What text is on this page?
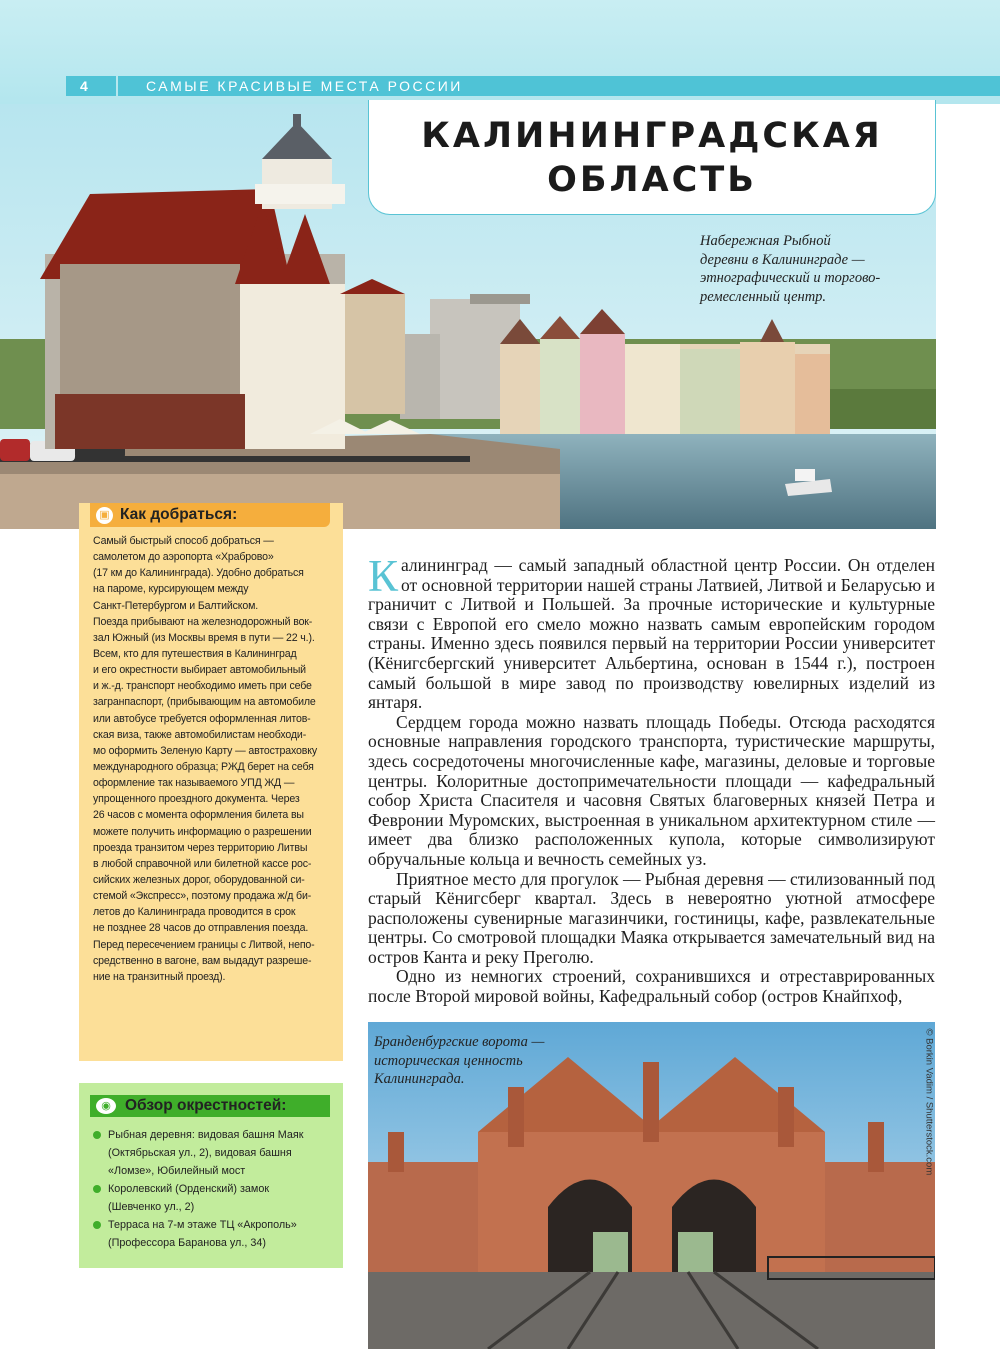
4	САМЫЕ КРАСИВЫЕ МЕСТА РОССИИ
КАЛИНИНГРАДСКАЯ
ОБЛАСТЬ
Набережная Рыбной
деревни в Калининграде —
этнографический и торгово-
ремесленный центр.
▣ Как добраться:
Самый быстрый способ добраться —
самолетом до аэропорта «Храброво»
(17 км до Калининграда). Удобно добраться
на пароме, курсирующем между
Санкт-Петербургом и Балтийском.
Поезда прибывают на железнодорожный вок-
зал Южный (из Москвы время в пути — 22 ч.).
Всем, кто для путешествия в Калининград
и его окрестности выбирает автомобильный
и ж.-д. транспорт необходимо иметь при себе
загранпаспорт, (прибывающим на автомобиле
или автобусе требуется оформленная литов-
ская виза, также автомобилистам необходи-
мо оформить Зеленую Карту — автостраховку
международного образца; РЖД берет на себя
оформление так называемого УПД ЖД —
упрощенного проездного документа. Через
26 часов с момента оформления билета вы
можете получить информацию о разрешении
проезда транзитом через территорию Литвы
в любой справочной или билетной кассе рос-
сийских железных дорог, оборудованной си-
стемой «Экспресс», поэтому продажа ж/д би-
летов до Калининграда проводится в срок
не позднее 28 часов до отправления поезда.
Перед пересечением границы с Литвой, непо-
средственно в вагоне, вам выдадут разреше-
ние на транзитный проезд).
◉ Обзор окрестностей:
Рыбная деревня: видовая башня Маяк
(Октябрьская ул., 2), видовая башня
«Ломзе», Юбилейный мост
Королевский (Орденский) замок
(Шевченко ул., 2)
Терраса на 7-м этаже ТЦ «Акрополь»
(Профессора Баранова ул., 34)

Калининград — самый западный областной центр России. Он отделен от основной территории нашей страны Латвией, Литвой и Беларусью и граничит с Литвой и Польшей. За прочные исторические и культурные связи с Европой его смело можно назвать самым европейским городом страны. Именно здесь появился первый на территории России университет (Кёнигсбергский университет Альбертина, основан в 1544 г.), построен самый большой в мире завод по производству ювелирных изделий из янтаря.

Сердцем города можно назвать площадь Победы. Отсюда расходятся основные направления городского транспорта, туристические маршруты, здесь сосредоточены многочисленные кафе, магазины, деловые и торговые центры. Колоритные достопримечательности площади — кафедральный собор Христа Спасителя и часовня Святых благоверных князей Петра и Февронии Муромских, выстроенная в уникальном архитектурном стиле — имеет два близко расположенных купола, которые символизируют обручальные кольца и вечность семейных уз.

Приятное место для прогулок — Рыбная деревня — стилизованный под старый Кёнигсберг квартал. Здесь в невероятно уютной атмосфере расположены сувенирные магазинчики, гостиницы, кафе, развлекательные центры. Со смотровой площадки Маяка открывается замечательный вид на остров Канта и реку Преголю.

Одно из немногих строений, сохранившихся и отреставрированных после Второй мировой войны, Кафедральный собор (остров Кнайпхоф,

Бранденбургские ворота —
историческая ценность
Калининграда.	© Borkin Vadim / Shutterstock.com
